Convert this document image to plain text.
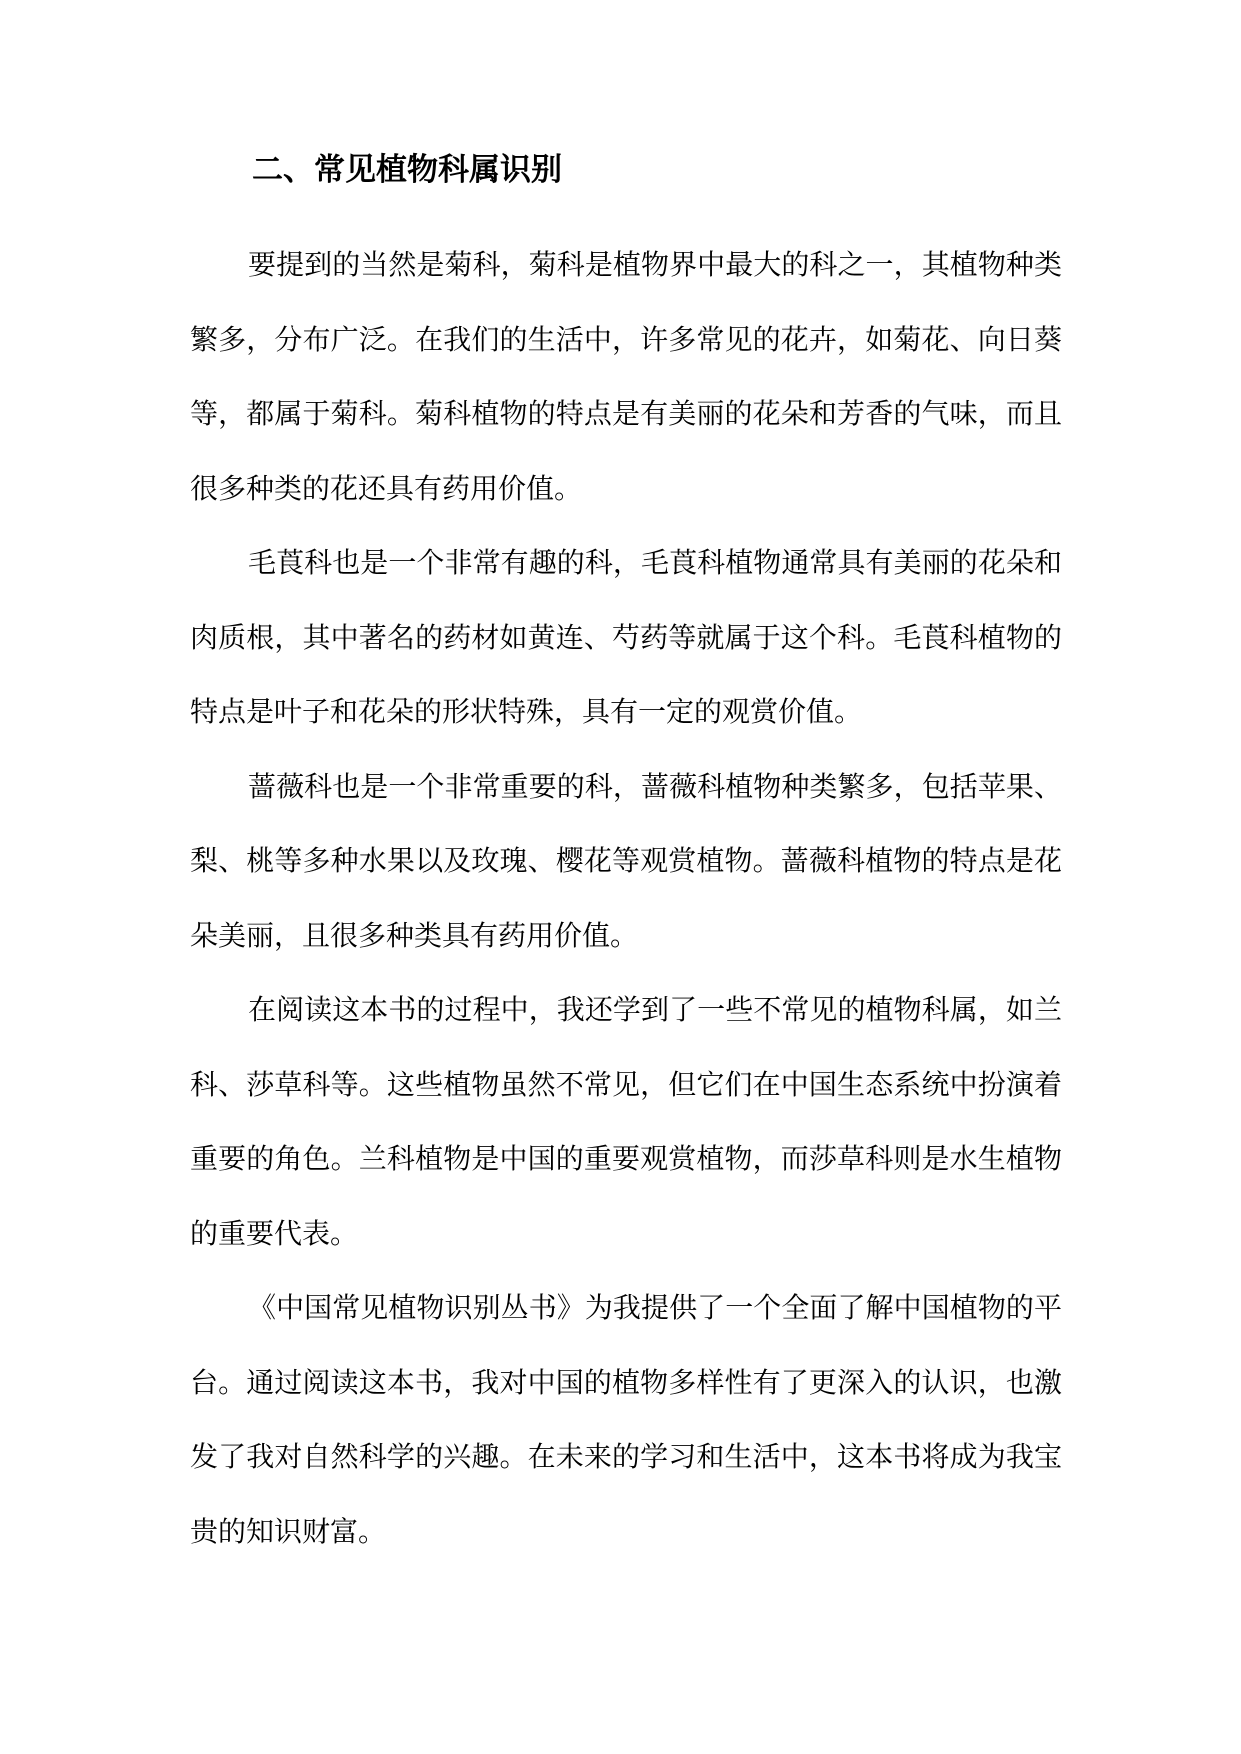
二、常见植物科属识别

要提到的当然是菊科，菊科是植物界中最大的科之一，其植物种类繁多，分布广泛。在我们的生活中，许多常见的花卉，如菊花、向日葵等，都属于菊科。菊科植物的特点是有美丽的花朵和芳香的气味，而且很多种类的花还具有药用价值。

毛莨科也是一个非常有趣的科，毛莨科植物通常具有美丽的花朵和肉质根，其中著名的药材如黄连、芍药等就属于这个科。毛莨科植物的特点是叶子和花朵的形状特殊，具有一定的观赏价值。

蔷薇科也是一个非常重要的科，蔷薇科植物种类繁多，包括苹果、梨、桃等多种水果以及玫瑰、樱花等观赏植物。蔷薇科植物的特点是花朵美丽，且很多种类具有药用价值。

在阅读这本书的过程中，我还学到了一些不常见的植物科属，如兰科、莎草科等。这些植物虽然不常见，但它们在中国生态系统中扮演着重要的角色。兰科植物是中国的重要观赏植物，而莎草科则是水生植物的重要代表。

《中国常见植物识别丛书》为我提供了一个全面了解中国植物的平台。通过阅读这本书，我对中国的植物多样性有了更深入的认识，也激发了我对自然科学的兴趣。在未来的学习和生活中，这本书将成为我宝贵的知识财富。
